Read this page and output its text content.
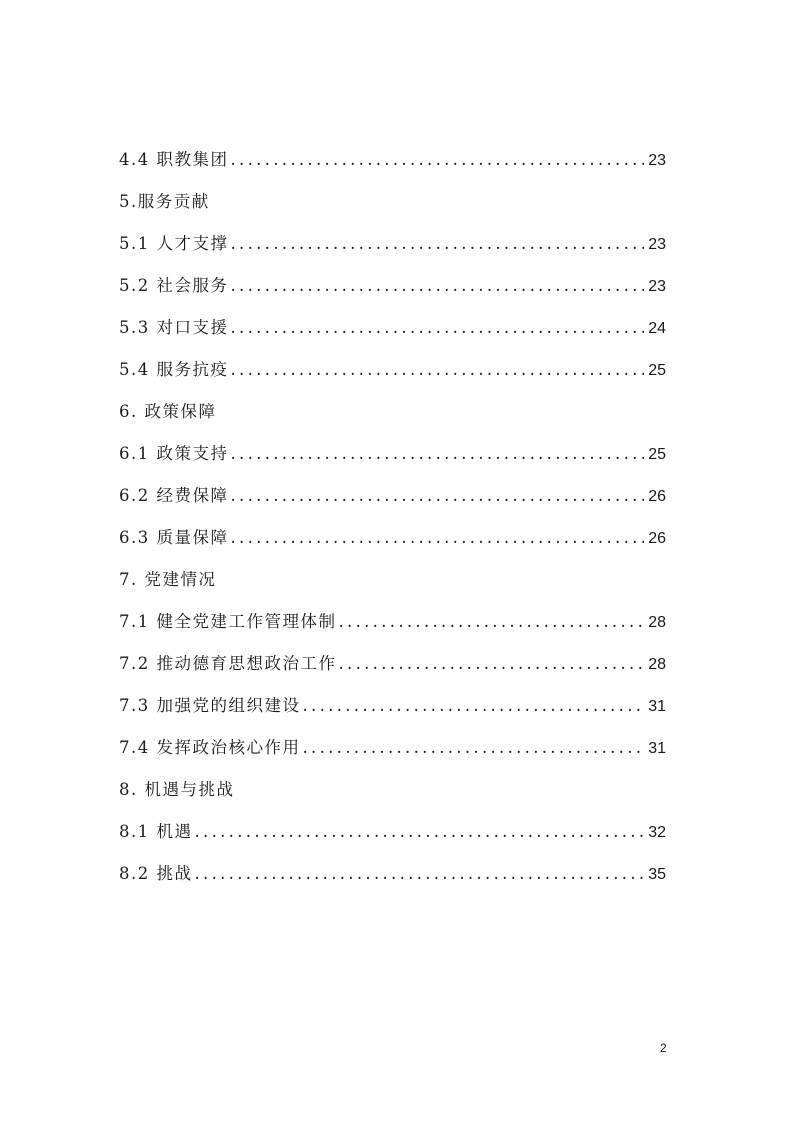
4.4 职教集团 .....	23
5.服务贡献
5.1 人才支撑 .....	23
5.2 社会服务 .....	23
5.3 对口支援 .....	24
5.4 服务抗疫 .....	25
6. 政策保障
6.1 政策支持 .....	25
6.2 经费保障 .....	26
6.3 质量保障 .....	26
7. 党建情况
7.1 健全党建工作管理体制 .....	28
7.2 推动德育思想政治工作 .....	28
7.3 加强党的组织建设 .....	31
7.4 发挥政治核心作用 .....	31
8. 机遇与挑战
8.1 机遇 .....	32
8.2 挑战 .....	35
2
